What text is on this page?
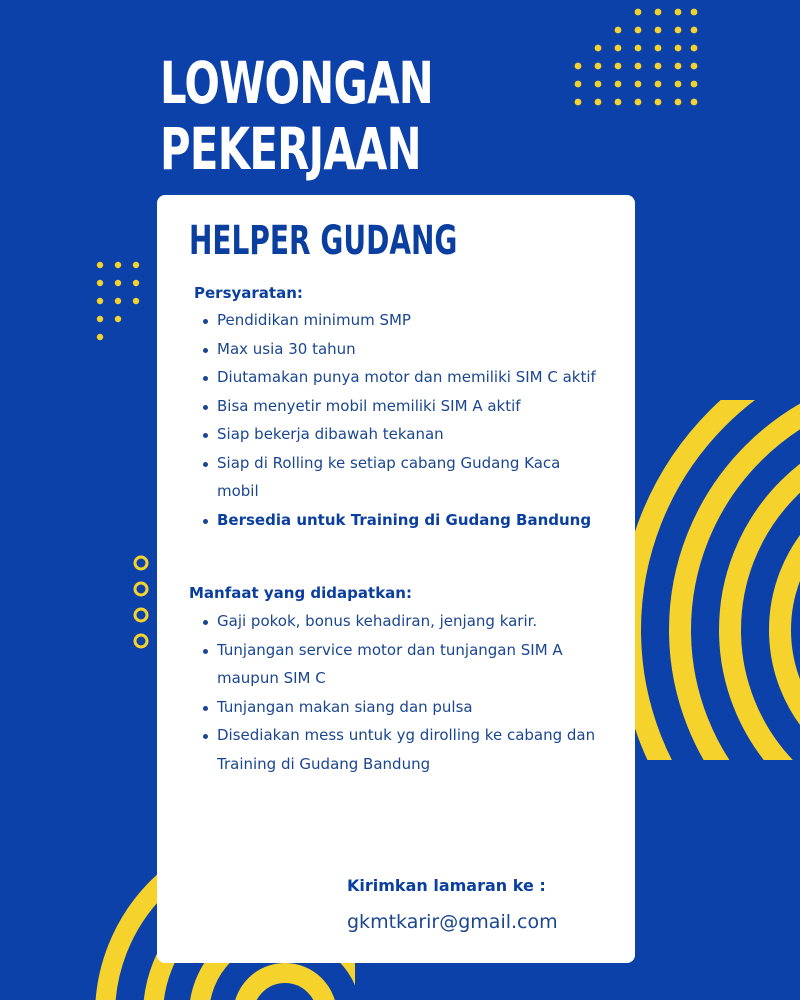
LOWONGAN
PEKERJAAN
HELPER GUDANG

Persyaratan:

Pendidikan minimum SMP
Max usia 30 tahun
Diutamakan punya motor dan memiliki SIM C aktif
Bisa menyetir mobil memiliki SIM A aktif
Siap bekerja dibawah tekanan
Siap di Rolling ke setiap cabang Gudang Kaca mobil
Bersedia untuk Training di Gudang Bandung

Manfaat yang didapatkan:

Gaji pokok, bonus kehadiran, jenjang karir.
Tunjangan service motor dan tunjangan SIM A maupun SIM C
Tunjangan makan siang dan pulsa
Disediakan mess untuk yg dirolling ke cabang dan Training di Gudang Bandung

Kirimkan lamaran ke :

gkmtkarir@gmail.com
